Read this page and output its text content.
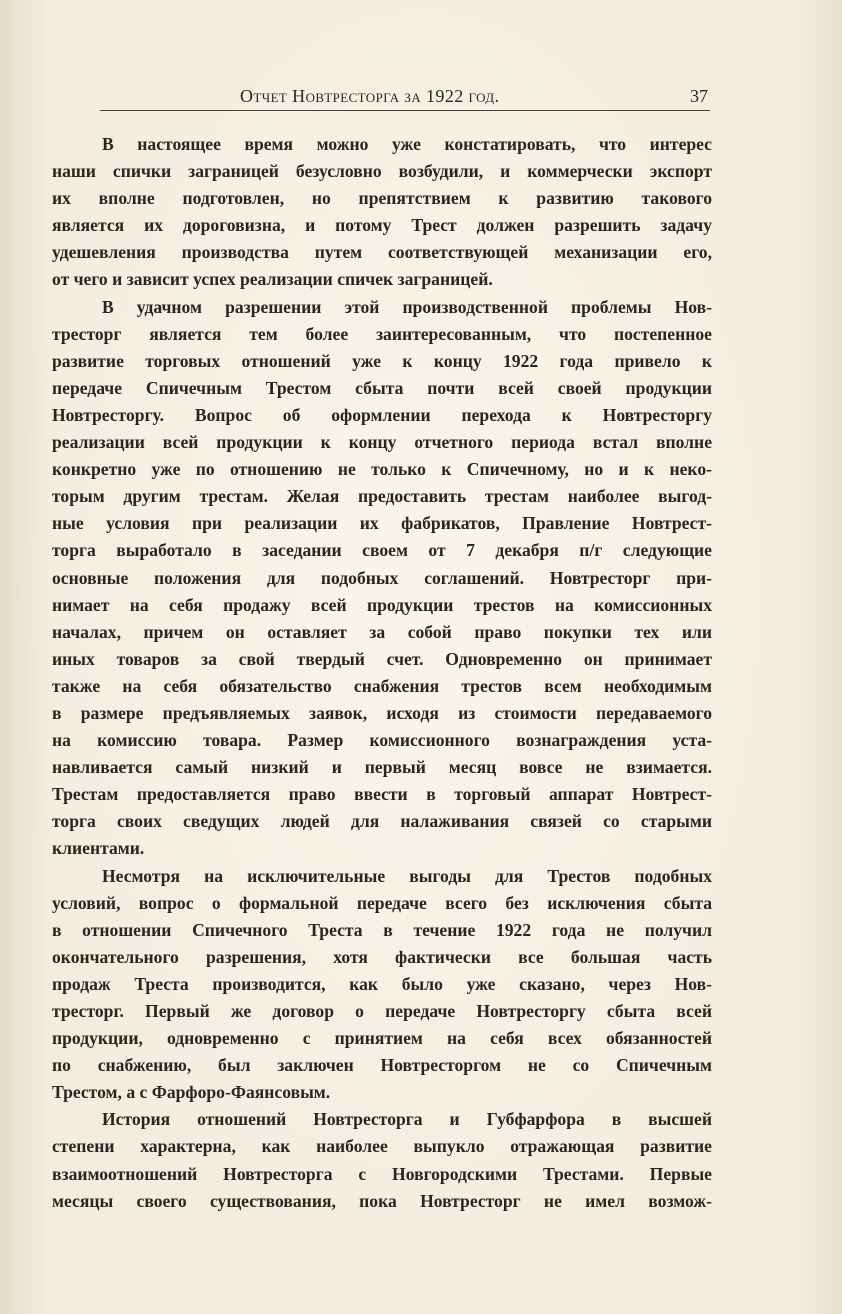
Отчет Новтресторга за 1922 год.	37
В настоящее время можно уже констатировать, что интерес
наши спички заграницей безусловно возбудили, и коммерчески экспорт
их вполне подготовлен, но препятствием к развитию такового
является их дороговизна, и потому Трест должен разрешить задачу
удешевления производства путем соответствующей механизации его,
от чего и зависит успех реализации спичек заграницей.
В удачном разрешении этой производственной проблемы Нов-
тресторг является тем более заинтересованным, что постепенное
развитие торговых отношений уже к концу 1922 года привело к
передаче Спичечным Трестом сбыта почти всей своей продукции
Новтресторгу. Вопрос об оформлении перехода к Новтресторгу
реализации всей продукции к концу отчетного периода встал вполне
конкретно уже по отношению не только к Спичечному, но и к неко-
торым другим трестам. Желая предоставить трестам наиболее выгод-
ные условия при реализации их фабрикатов, Правление Новтрест-
торга выработало в заседании своем от 7 декабря п/г следующие
основные положения для подобных соглашений. Новтресторг при-
нимает на себя продажу всей продукции трестов на комиссионных
началах, причем он оставляет за собой право покупки тех или
иных товаров за свой твердый счет. Одновременно он принимает
также на себя обязательство снабжения трестов всем необходимым
в размере предъявляемых заявок, исходя из стоимости передаваемого
на комиссию товара. Размер комиссионного вознаграждения уста-
навливается самый низкий и первый месяц вовсе не взимается.
Трестам предоставляется право ввести в торговый аппарат Новтрест-
торга своих сведущих людей для налаживания связей со старыми
клиентами.
Несмотря на исключительные выгоды для Трестов подобных
условий, вопрос о формальной передаче всего без исключения сбыта
в отношении Спичечного Треста в течение 1922 года не получил
окончательного разрешения, хотя фактически все большая часть
продаж Треста производится, как было уже сказано, через Нов-
тресторг. Первый же договор о передаче Новтресторгу сбыта всей
продукции, одновременно с принятием на себя всех обязанностей
по снабжению, был заключен Новтресторгом не со Спичечным
Трестом, а с Фарфоро-Фаянсовым.
История отношений Новтресторга и Губфарфора в высшей
степени характерна, как наиболее выпукло отражающая развитие
взаимоотношений Новтресторга с Новгородскими Трестами. Первые
месяцы своего существования, пока Новтресторг не имел возмож-
